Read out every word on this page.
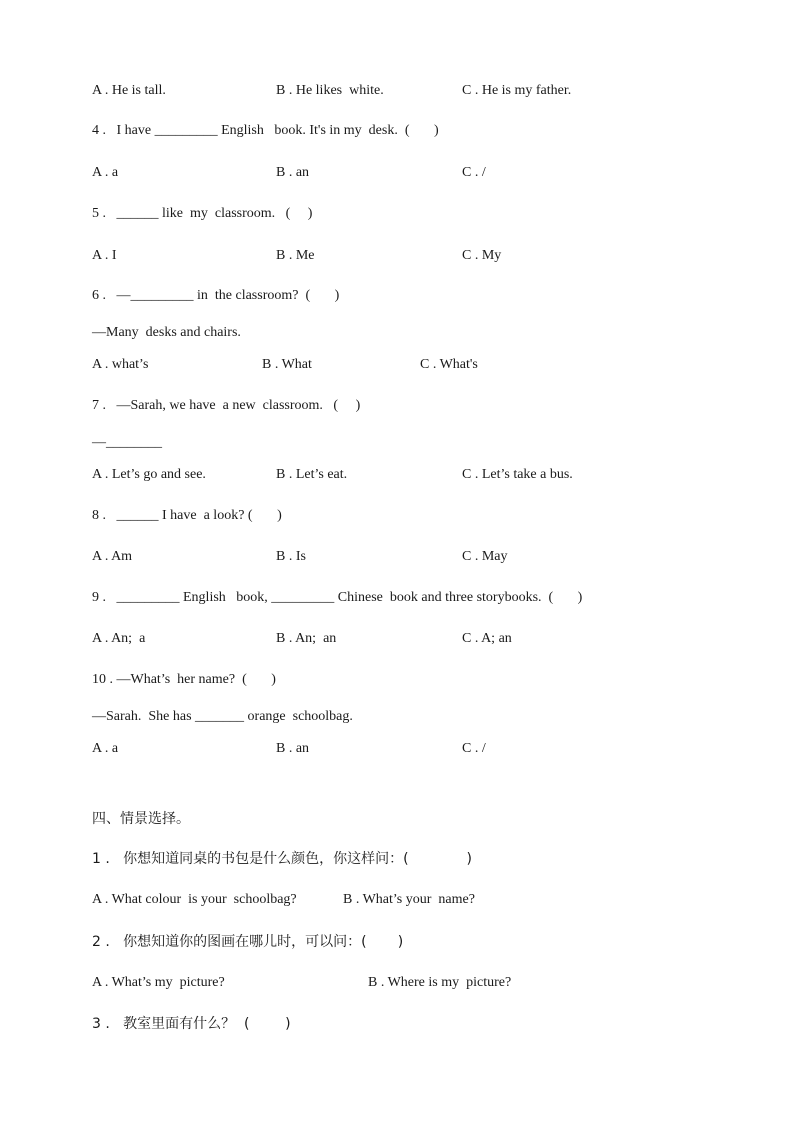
A . He is tall.	B . He likes  white.	C . He is my father.
4 .   I have _________ English   book. It's in my  desk.  (       )
A . a	B . an	C . /
5 .   ______ like  my  classroom.   (     )
A . I	B . Me	C . My
6 .   —_________ in  the classroom?  (       )
—Many  desks and chairs.
A . what’s	B . What	C . What's
7 .   —Sarah, we have  a new  classroom.   (     )
—________
A . Let’s go and see.	B . Let’s eat.	C . Let’s take a bus.
8 .   ______ I have  a look? (       )
A . Am	B . Is	C . May
9 .   _________ English   book, _________ Chinese  book and three storybooks.  (       )
A . An;  a	B . An;  an	C . A; an
10 . —What’s  her name?  (       )
—Sarah.  She has _______ orange  schoolbag.
A . a	B . an	C . /
四、情景选择。
1 .   你想知道同桌的书包是什么颜色，你这样问：(             )
A . What colour  is your  schoolbag?	B . What’s your  name?
2 .   你想知道你的图画在哪儿时，可以问：(       )
A . What’s my  picture?	B . Where is my  picture?
3 .   教室里面有什么？  (        )
